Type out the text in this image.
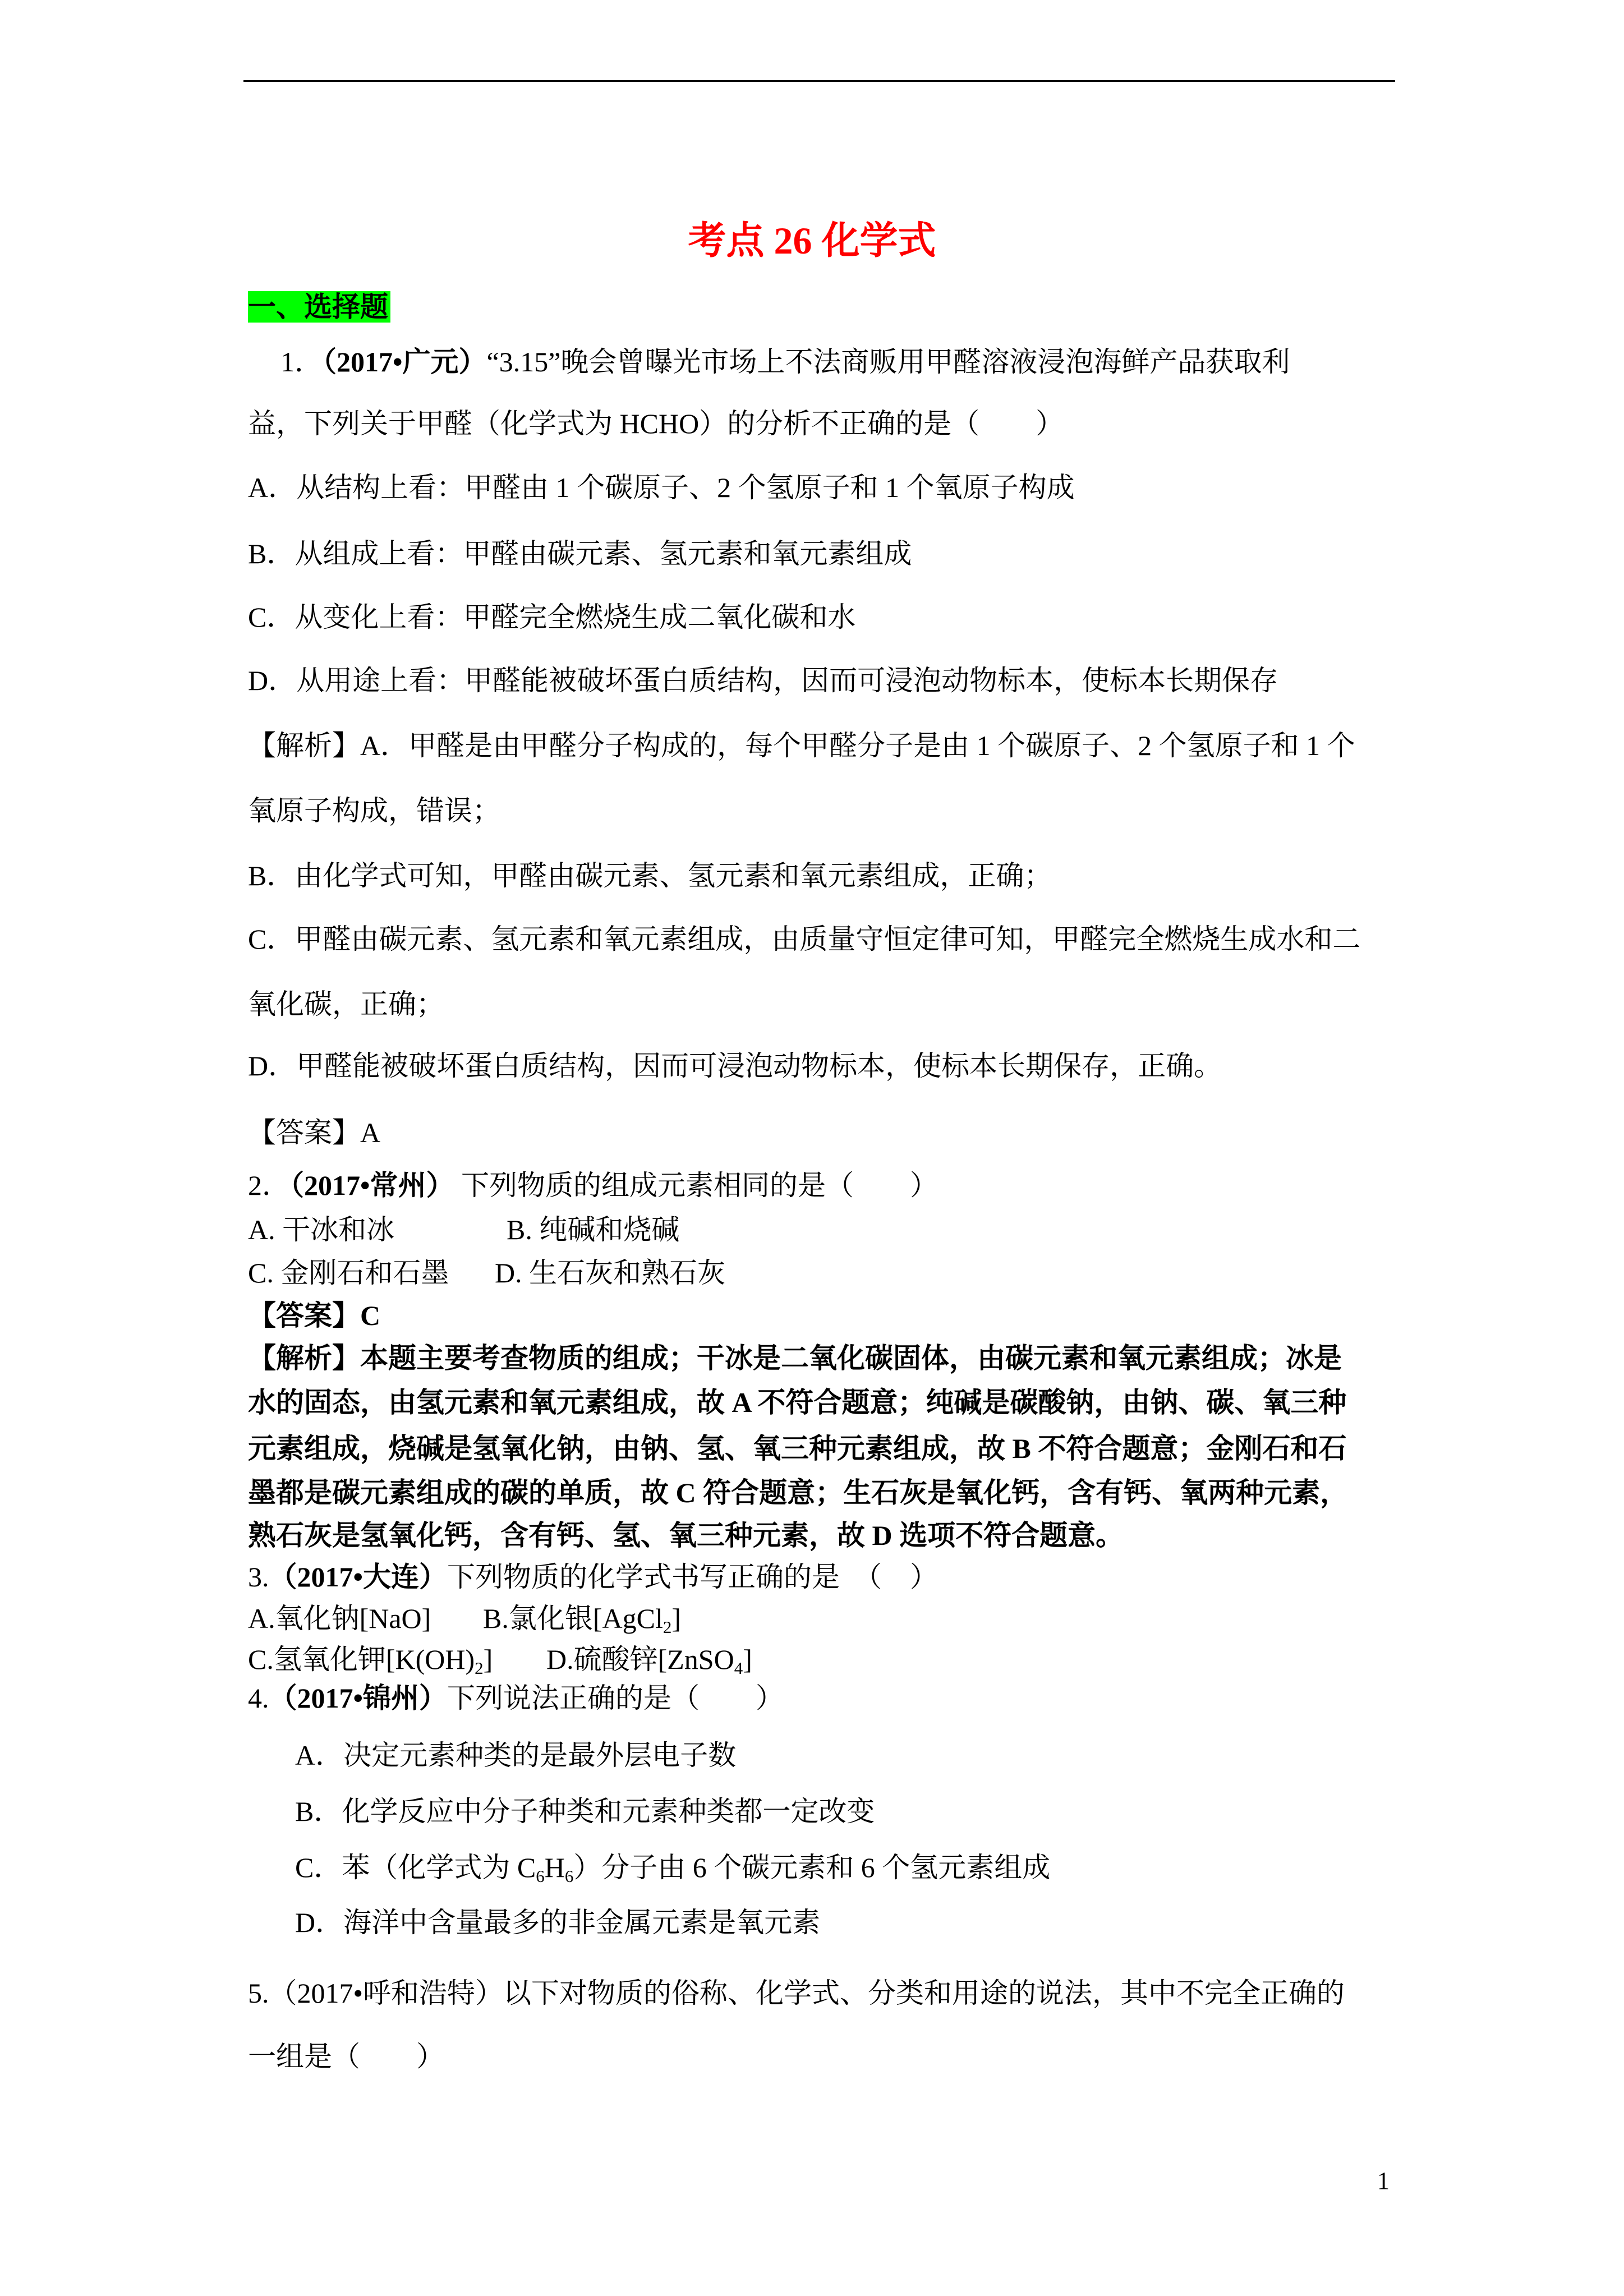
考点 26 化学式
一、选择题
1．（2017•广元）“3.15”晚会曾曝光市场上不法商贩用甲醛溶液浸泡海鲜产品获取利
益，下列关于甲醛（化学式为 HCHO）的分析不正确的是（　　）
A．从结构上看：甲醛由 1 个碳原子、2 个氢原子和 1 个氧原子构成
B．从组成上看：甲醛由碳元素、氢元素和氧元素组成
C．从变化上看：甲醛完全燃烧生成二氧化碳和水
D．从用途上看：甲醛能被破坏蛋白质结构，因而可浸泡动物标本，使标本长期保存
【解析】A．甲醛是由甲醛分子构成的，每个甲醛分子是由 1 个碳原子、2 个氢原子和 1 个
氧原子构成，错误；
B．由化学式可知，甲醛由碳元素、氢元素和氧元素组成，正确；
C．甲醛由碳元素、氢元素和氧元素组成，由质量守恒定律可知，甲醛完全燃烧生成水和二
氧化碳，正确；
D．甲醛能被破坏蛋白质结构，因而可浸泡动物标本，使标本长期保存，正确。
【答案】A
2．（2017•常州） 下列物质的组成元素相同的是（　　）
A. 干冰和冰	B. 纯碱和烧碱
C. 金刚石和石墨 D. 生石灰和熟石灰
【答案】C
【解析】本题主要考查物质的组成；干冰是二氧化碳固体，由碳元素和氧元素组成；冰是
水的固态，由氢元素和氧元素组成，故 A 不符合题意；纯碱是碳酸钠，由钠、碳、氧三种
元素组成，烧碱是氢氧化钠，由钠、氢、氧三种元素组成，故 B 不符合题意；金刚石和石
墨都是碳元素组成的碳的单质，故 C 符合题意；生石灰是氧化钙，含有钙、氧两种元素，
熟石灰是氢氧化钙，含有钙、氢、氧三种元素，故 D 选项不符合题意。
3.（2017•大连）下列物质的化学式书写正确的是　（　）
A.氧化钠[NaO] B.氯化银[AgCl2]
C.氢氧化钾[K(OH)2] D.硫酸锌[ZnSO4]
4.（2017•锦州）下列说法正确的是（　　）
A．决定元素种类的是最外层电子数
B．化学反应中分子种类和元素种类都一定改变
C．苯（化学式为 C6H6）分子由 6 个碳元素和 6 个氢元素组成
D．海洋中含量最多的非金属元素是氧元素
5.（2017•呼和浩特）以下对物质的俗称、化学式、分类和用途的说法，其中不完全正确的
一组是（　　）
1
